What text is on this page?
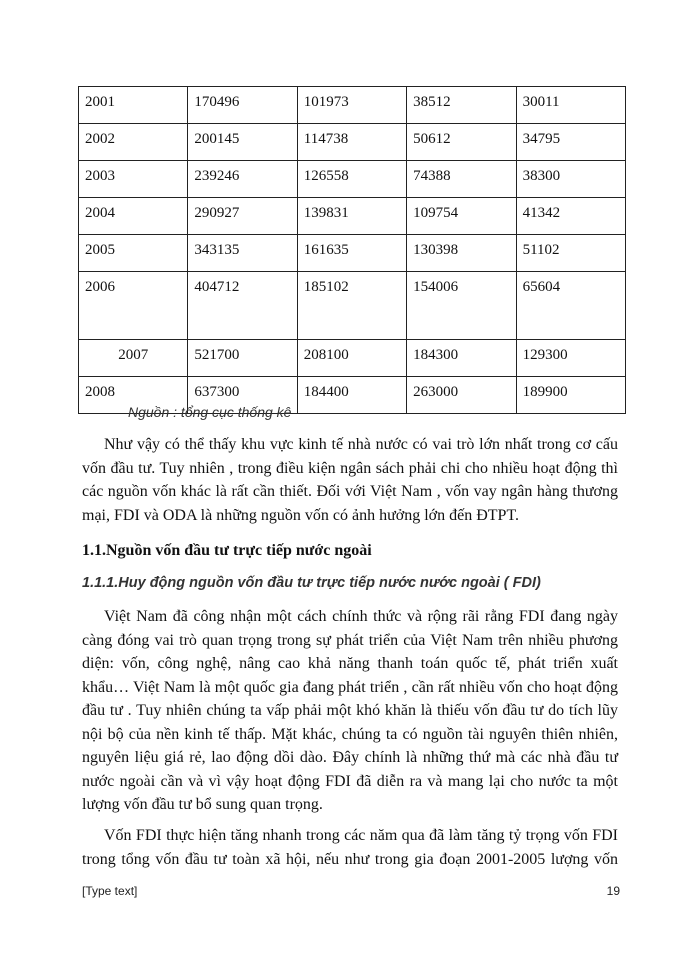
2001	170496	101973	38512	30011
2002	200145	114738	50612	34795
2003	239246	126558	74388	38300
2004	290927	139831	109754	41342
2005	343135	161635	130398	51102
2006	404712	185102	154006	65604
2007	521700	208100	184300	129300
2008	637300	184400	263000	189900
Nguồn : tổng cục thống kê

Như vậy có thể thấy khu vực kinh tế nhà nước có vai trò lớn nhất trong cơ cấu
vốn đầu tư. Tuy nhiên , trong điều kiện ngân sách phải chi cho nhiều hoạt động thì
các nguồn vốn khác là rất cần thiết. Đối với Việt Nam , vốn vay ngân hàng thương
mại, FDI và ODA là những nguồn vốn có ảnh hưởng lớn đến ĐTPT.

1.1.Nguồn vốn đầu tư trực tiếp nước ngoài
1.1.1.Huy động nguồn vốn đầu tư trực tiếp nước nước ngoài ( FDI)

Việt Nam đã công nhận một cách chính thức và rộng rãi rằng FDI đang ngày
càng đóng vai trò quan trọng trong sự phát triển của Việt Nam trên nhiều phương
diện: vốn, công nghệ, nâng cao khả năng thanh toán quốc tế, phát triển xuất
khẩu… Việt Nam là một quốc gia đang phát triển , cần rất nhiều vốn cho hoạt động
đầu tư . Tuy nhiên chúng ta vấp phải một khó khăn là thiếu vốn đầu tư do tích lũy
nội bộ của nền kinh tế thấp. Mặt khác, chúng ta có nguồn tài nguyên thiên nhiên,
nguyên liệu giá rẻ, lao động dồi dào. Đây chính là những thứ mà các nhà đầu tư
nước ngoài cần và vì vậy hoạt động FDI đã diễn ra và mang lại cho nước ta một
lượng vốn đầu tư bổ sung quan trọng.

Vốn FDI thực hiện tăng nhanh trong các năm qua đã làm tăng tỷ trọng vốn FDI
trong tổng vốn đầu tư toàn xã hội, nếu như trong gia đoạn 2001-2005 lượng vốn

[Type text]	19
